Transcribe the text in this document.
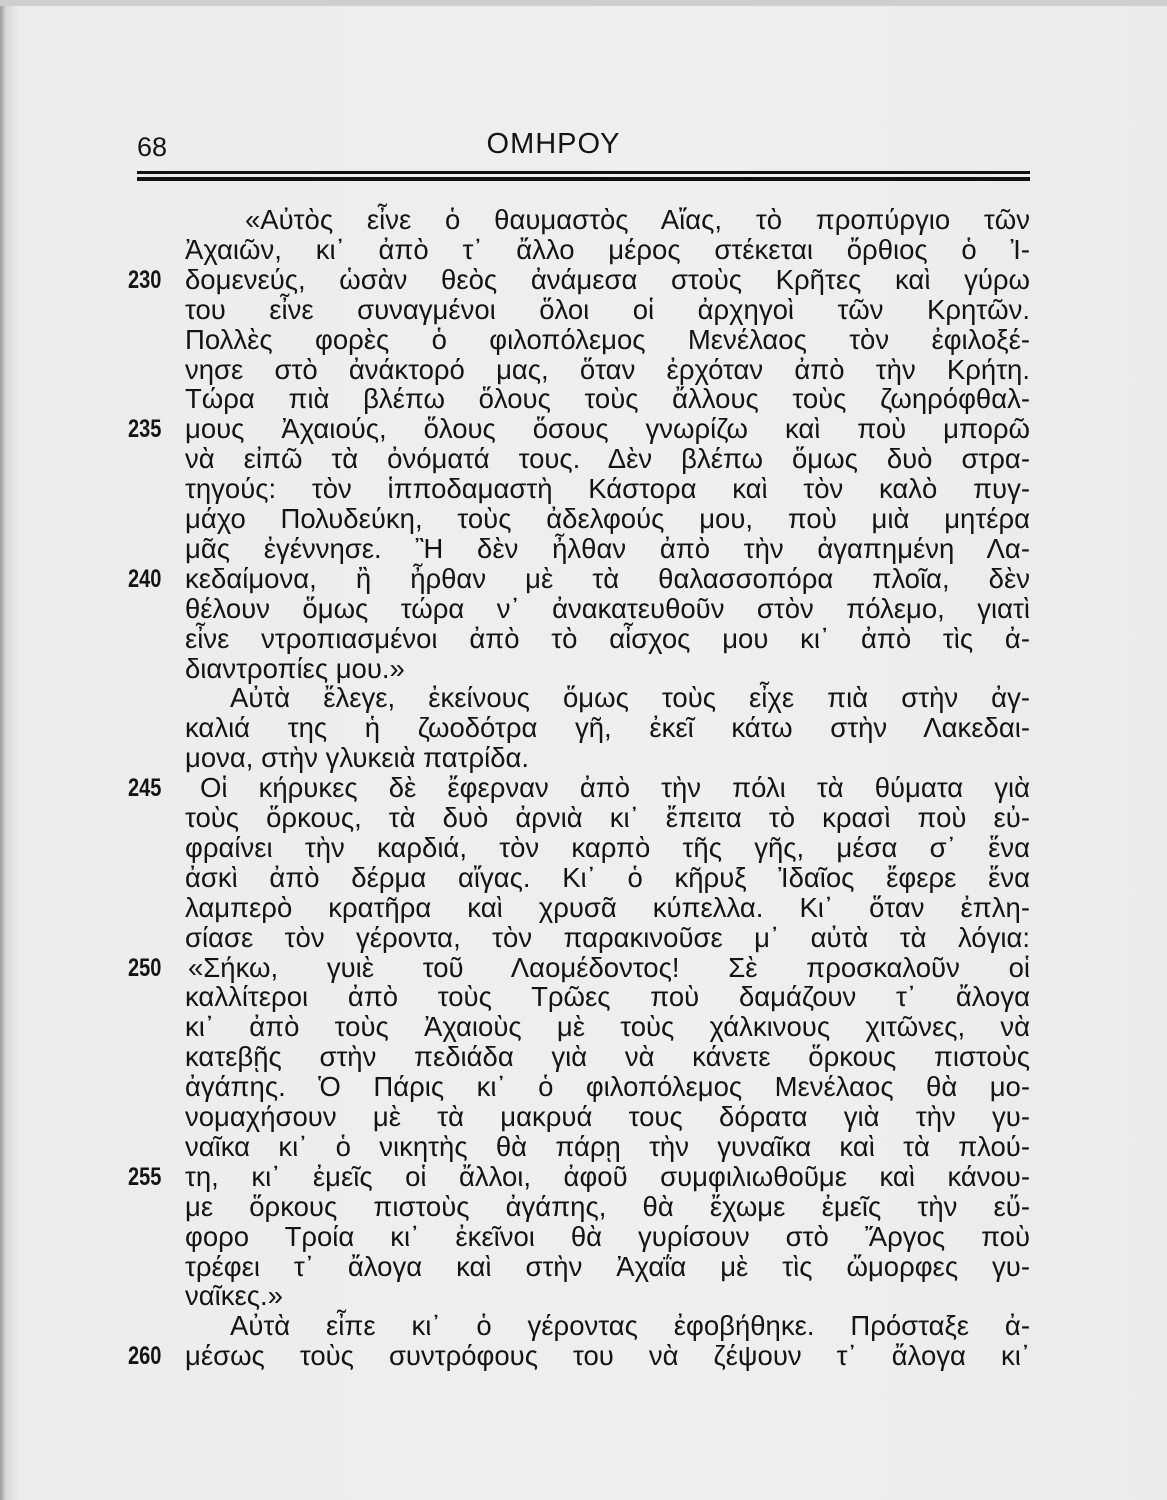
68	ΟΜΗΡΟΥ
«Αὐτὸς εἶνε ὁ θαυμαστὸς Αἴας, τὸ προπύργιο τῶν
Ἀχαιῶν, κι᾽ ἀπὸ τ᾽ ἄλλο μέρος στέκεται ὄρθιος ὁ Ἰ-
δομενεύς, ὡσὰν θεὸς ἀνάμεσα στοὺς Κρῆτες καὶ γύρω
230
του εἶνε συναγμένοι ὅλοι οἱ ἀρχηγοὶ τῶν Κρητῶν.
Πολλὲς φορὲς ὁ φιλοπόλεμος Μενέλαος τὸν ἐφιλοξέ-
νησε στὸ ἀνάκτορό μας, ὅταν ἐρχόταν ἀπὸ τὴν Κρήτη.
Τώρα πιὰ βλέπω ὅλους τοὺς ἄλλους τοὺς ζωηρόφθαλ-
μους Ἀχαιούς, ὅλους ὅσους γνωρίζω καὶ ποὺ μπορῶ
235
νὰ εἰπῶ τὰ ὀνόματά τους. Δὲν βλέπω ὅμως δυὸ στρα-
τηγούς: τὸν ἱπποδαμαστὴ Κάστορα καὶ τὸν καλὸ πυγ-
μάχο Πολυδεύκη, τοὺς ἀδελφούς μου, ποὺ μιὰ μητέρα
μᾶς ἐγέννησε. Ἢ δὲν ἦλθαν ἀπὸ τὴν ἀγαπημένη Λα-
κεδαίμονα, ἢ ἦρθαν μὲ τὰ θαλασσοπόρα πλοῖα, δὲν
240
θέλουν ὅμως τώρα ν᾽ ἀνακατευθοῦν στὸν πόλεμο, γιατὶ
εἶνε ντροπιασμένοι ἀπὸ τὸ αἶσχος μου κι᾽ ἀπὸ τὶς ἀ-
διαντροπίες μου.»
Αὐτὰ ἔλεγε, ἐκείνους ὅμως τοὺς εἶχε πιὰ στὴν ἀγ-
καλιά της ἡ ζωοδότρα γῆ, ἐκεῖ κάτω στὴν Λακεδαι-
μονα, στὴν γλυκειὰ πατρίδα.
Οἱ κήρυκες δὲ ἔφερναν ἀπὸ τὴν πόλι τὰ θύματα γιὰ
245
τοὺς ὅρκους, τὰ δυὸ ἀρνιὰ κι᾽ ἔπειτα τὸ κρασὶ ποὺ εὐ-
φραίνει τὴν καρδιά, τὸν καρπὸ τῆς γῆς, μέσα σ᾽ ἕνα
ἀσκὶ ἀπὸ δέρμα αἴγας. Κι᾽ ὁ κῆρυξ Ἰδαῖος ἔφερε ἕνα
λαμπερὸ κρατῆρα καὶ χρυσᾶ κύπελλα. Κι᾽ ὅταν ἐπλη-
σίασε τὸν γέροντα, τὸν παρακινοῦσε μ᾽ αὐτὰ τὰ λόγια:
«Σήκω, γυιὲ τοῦ Λαομέδοντος! Σὲ προσκαλοῦν οἱ
250
καλλίτεροι ἀπὸ τοὺς Τρῶες ποὺ δαμάζουν τ᾽ ἄλογα
κι᾽ ἀπὸ τοὺς Ἀχαιοὺς μὲ τοὺς χάλκινους χιτῶνες, νὰ
κατεβῇς στὴν πεδιάδα γιὰ νὰ κάνετε ὅρκους πιστοὺς
ἀγάπης. Ὁ Πάρις κι᾽ ὁ φιλοπόλεμος Μενέλαος θὰ μο-
νομαχήσουν μὲ τὰ μακρυά τους δόρατα γιὰ τὴν γυ-
ναῖκα κι᾽ ὁ νικητὴς θὰ πάρῃ τὴν γυναῖκα καὶ τὰ πλού-
τη, κι᾽ ἐμεῖς οἱ ἄλλοι, ἀφοῦ συμφιλιωθοῦμε καὶ κάνου-
255
με ὅρκους πιστοὺς ἀγάπης, θὰ ἔχωμε ἐμεῖς τὴν εὔ-
φορο Τροία κι᾽ ἐκεῖνοι θὰ γυρίσουν στὸ Ἄργος ποὺ
τρέφει τ᾽ ἄλογα καὶ στὴν Ἀχαΐα μὲ τὶς ὤμορφες γυ-
ναῖκες.»
Αὐτὰ εἶπε κι᾽ ὁ γέροντας ἐφοβήθηκε. Πρόσταξε ἀ-
μέσως τοὺς συντρόφους του νὰ ζέψουν τ᾽ ἄλογα κι᾽
260
